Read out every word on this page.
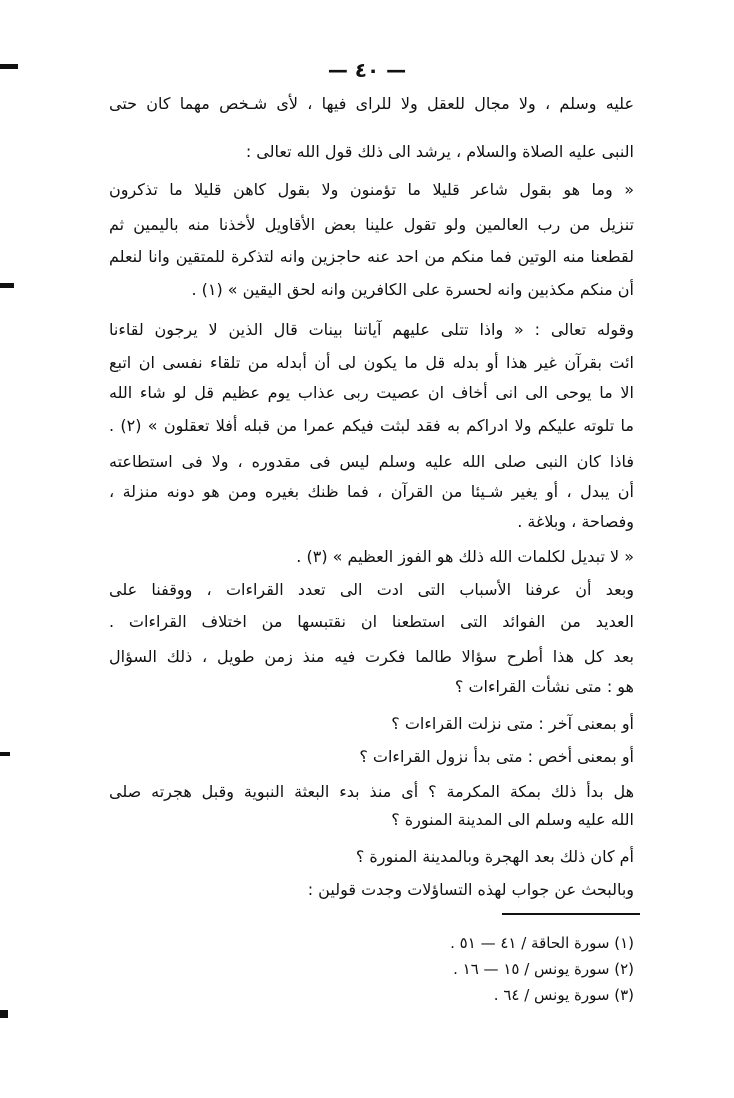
— ٤٠ —
عليه وسلم ، ولا مجال للعقل ولا للراى فيها ، لأى شـخص مهما كان حتى
النبى عليه الصلاة والسلام ، يرشد الى ذلك قول الله تعالى :
« وما هو بقول شاعر قليلا ما تؤمنون ولا بقول كاهن قليلا ما تذكرون
تنزيل من رب العالمين ولو تقول علينا بعض الأقاويل لأخذنا منه باليمين ثم
لقطعنا منه الوتين فما منكم من احد عنه حاجزين وانه لتذكرة للمتقين وانا لنعلم
أن منكم مكذبين وانه لحسرة على الكافرين وانه لحق اليقين » (١) .
وقوله تعالى : « واذا تتلى عليهم آياتنا بينات قال الذين لا يرجون لقاءنا
ائت بقرآن غير هذا أو بدله قل ما يكون لى أن أبدله من تلقاء نفسى ان اتبع
الا ما يوحى الى انى أخاف ان عصيت ربى عذاب يوم عظيم قل لو شاء الله
ما تلوته عليكم ولا ادراكم به فقد لبثت فيكم عمرا من قبله أفلا تعقلون » (٢) .
فاذا كان النبى صلى الله عليه وسلم ليس فى مقدوره ، ولا فى استطاعته
أن يبدل ، أو يغير شـيئا من القرآن ، فما ظنك بغيره ومن هو دونه منزلة ،
وفصاحة ، وبلاغة .
« لا تبديل لكلمات الله ذلك هو الفوز العظيم » (٣) .
وبعد أن عرفنا الأسباب التى ادت الى تعدد القراءات ، ووقفنا على
العديد من الفوائد التى استطعنا ان نقتبسها من اختلاف القراءات .
بعد كل هذا أطرح سؤالا طالما فكرت فيه منذ زمن طويل ، ذلك السؤال
هو : متى نشأت القراءات ؟
أو بمعنى آخر : متى نزلت القراءات ؟
أو بمعنى أخص : متى بدأ نزول القراءات ؟
هل بدأ ذلك بمكة المكرمة ؟ أى منذ بدء البعثة النبوية وقبل هجرته صلى
الله عليه وسلم الى المدينة المنورة ؟
أم كان ذلك بعد الهجرة وبالمدينة المنورة ؟
وبالبحث عن جواب لهذه التساؤلات وجدت قولين :
(١) سورة الحاقة / ٤١ — ٥١ .
(٢) سورة يونس / ١٥ — ١٦ .
(٣) سورة يونس / ٦٤ .
